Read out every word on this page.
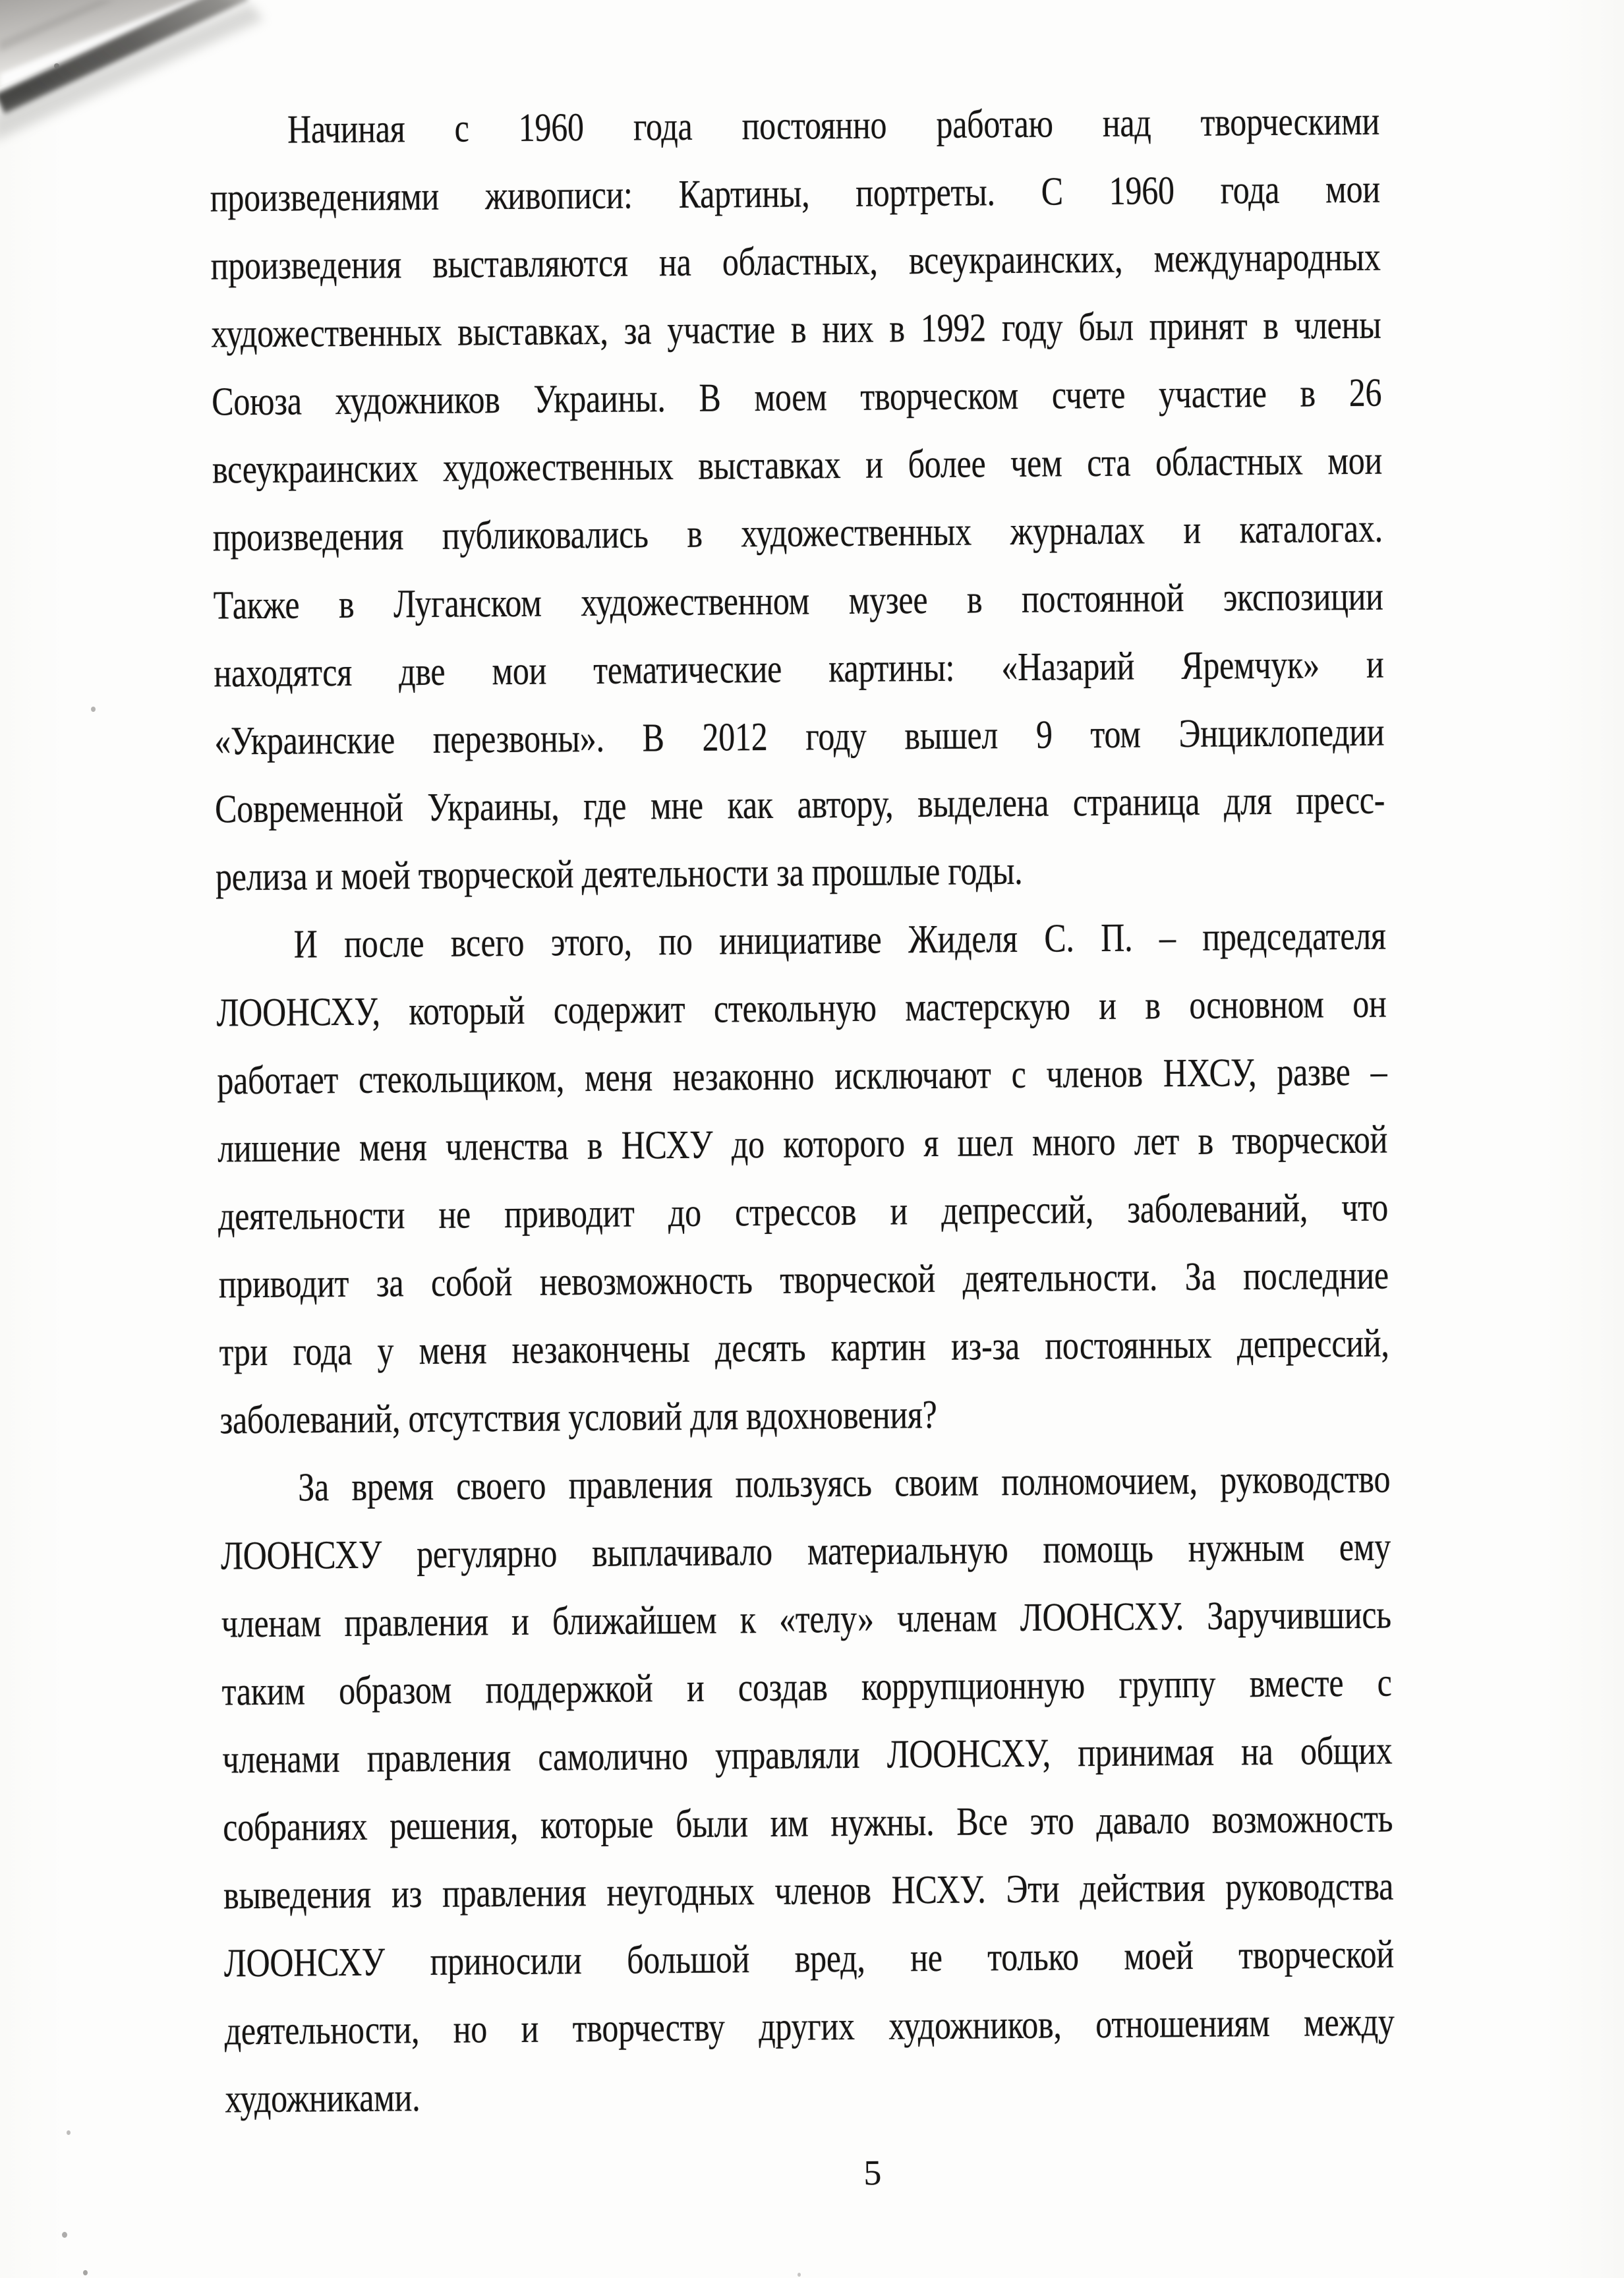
Начиная с 1960 года постоянно работаю над творческими
произведениями живописи: Картины, портреты. С 1960 года мои
произведения выставляются на областных, всеукраинских, международных
художественных выставках, за участие в них в 1992 году был принят в члены
Союза художников Украины. В моем творческом счете участие в 26
всеукраинских художественных выставках и более чем ста областных мои
произведения публиковались в художественных журналах и каталогах.
Также в Луганском художественном музее в постоянной экспозиции
находятся две мои тематические картины: «Назарий Яремчук» и
«Украинские перезвоны». В 2012 году вышел 9 том Энциклопедии
Современной Украины, где мне как автору, выделена страница для пресс-
релиза и моей творческой деятельности за прошлые годы.
И после всего этого, по инициативе Жиделя С. П. – председателя
ЛООНСХУ, который содержит стекольную мастерскую и в основном он
работает стекольщиком, меня незаконно исключают с членов НХСУ, разве –
лишение меня членства в НСХУ до которого я шел много лет в творческой
деятельности не приводит до стрессов и депрессий, заболеваний, что
приводит за собой невозможность творческой деятельности. За последние
три года у меня незакончены десять картин из-за постоянных депрессий,
заболеваний, отсутствия условий для вдохновения?
За время своего правления пользуясь своим полномочием, руководство
ЛООНСХУ регулярно выплачивало материальную помощь нужным ему
членам правления и ближайшем к «телу» членам ЛООНСХУ. Заручившись
таким образом поддержкой и создав коррупционную группу вместе с
членами правления самолично управляли ЛООНСХУ, принимая на общих
собраниях решения, которые были им нужны. Все это давало возможность
выведения из правления неугодных членов НСХУ. Эти действия руководства
ЛООНСХУ приносили большой вред, не только моей творческой
деятельности, но и творчеству других художников, отношениям между
художниками.
5
